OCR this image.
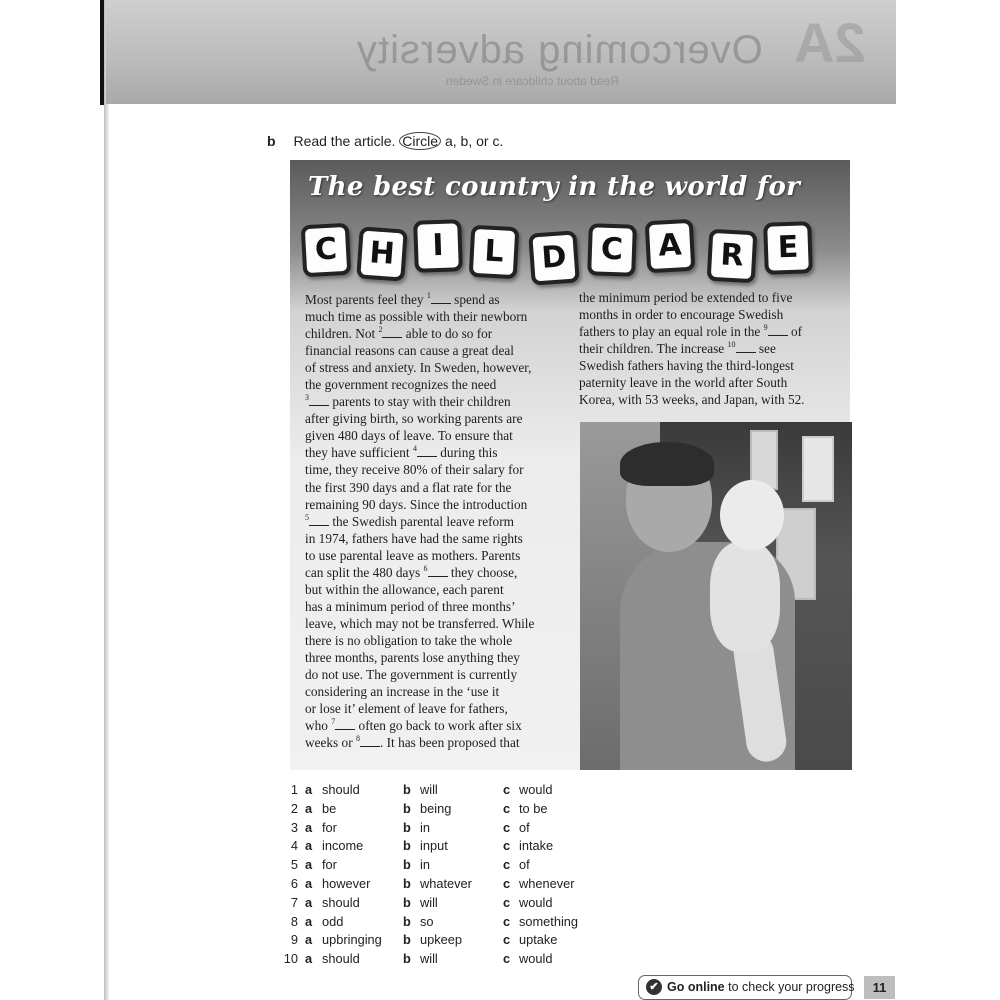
Overcoming adversity
Read about childcare in Sweden
2A
b Read the article. Circle a, b, or c.
The best country in the world for
C	H	I	L	D	C	A	R	E
Most parents feel they $^1$ spend as
much time as possible with their newborn
children. Not $^2$ able to do so for
financial reasons can cause a great deal
of stress and anxiety. In Sweden, however,
the government recognizes the need
$^3$ parents to stay with their children
after giving birth, so working parents are
given 480 days of leave. To ensure that
they have sufficient $^4$ during this
time, they receive 80% of their salary for
the first 390 days and a flat rate for the
remaining 90 days. Since the introduction
$^5$ the Swedish parental leave reform
in 1974, fathers have had the same rights
to use parental leave as mothers. Parents
can split the 480 days $^6$ they choose,
but within the allowance, each parent
has a minimum period of three months’
leave, which may not be transferred. While
there is no obligation to take the whole
three months, parents lose anything they
do not use. The government is currently
considering an increase in the ‘use it
or lose it’ element of leave for fathers,
who $^7$ often go back to work after six
weeks or $^8$ . It has been proposed that
the minimum period be extended to five
months in order to encourage Swedish
fathers to play an equal role in the $^9$ of
their children. The increase $^{10}$ see
Swedish fathers having the third-longest
paternity leave in the world after South
Korea, with 53 weeks, and Japan, with 52.
1 a should	b will	c would
2 a be	b being	c to be
3 a for	b in	c of
4 a income	b input	c intake
5 a for	b in	c of
6 a however	b whatever c whenever
7 a should	b will	c would
8 a odd	b so	c something
9 a upbringing b upkeep	c uptake
10 a should	b will	c would
✔ Go online to check your progress	11
